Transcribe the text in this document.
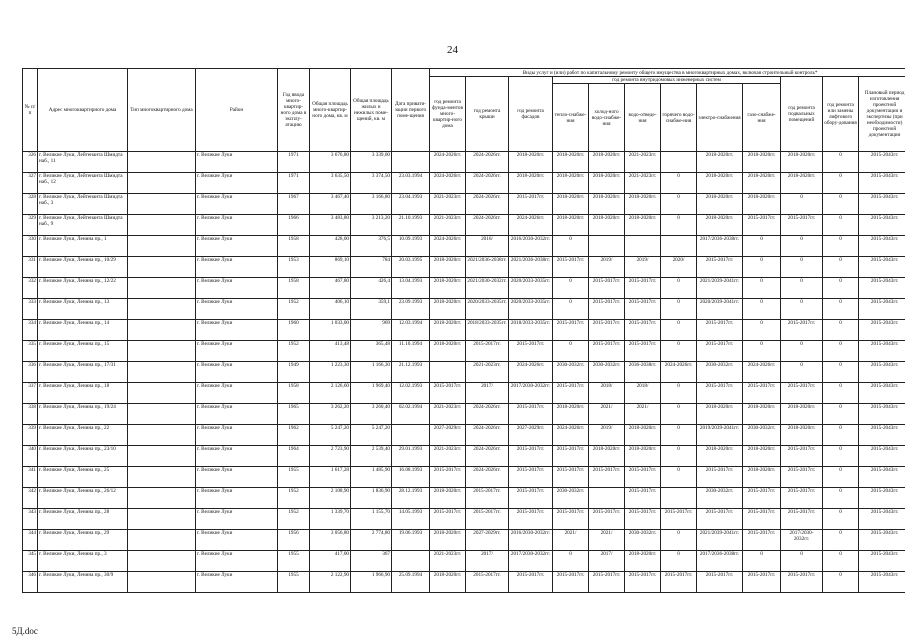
24
№ п/п	Адрес многоквартирного дома	Тип многоквартирного дома	Район	Год ввода много-квартир-ного дома в эксплу-атацию	Общая площадь много-квартир-ного дома, кв. м	Общая площадь жилых и нежилых поме-щений, кв. м	Дата привати-зации первого поме-щения	Виды услуг и (или) работ по капитальному ремонту общего имущества в многоквартирных домах, включая строительный контроль*											
								год ремонта фунда-ментов много-квартир-ного дома	год ремонта крыши	год ремонта фасадов	год ремонта внутридомовых инженерных систем						год ремонта подвальных помещений	год ремонта или замены лифтового обору-дования	Плановый период изготовления проектной документации и экспертизы (при необходимости) проектной документации
											тепло-снабже-ния	холод-ного водо-снабже-ния	водо-отведе-ния	горячего водо-снабже-ния	электро-снабжения	газо-снабже-ния			
326	г. Великие Луки, Лейтенанта Шмидта наб., 11		г. Великие Луки	1971	3 676,80	3 339,00		2024-2026гг.	2024-2026гг.	2018-2020гг.	2018-2020гг.	2018-2020гг.	2021-2023гг.		2018-2020гг.	2018-2020гг.	2018-2020гг.	0	2015-2043гг.
327	г. Великие Луки, Лейтенанта Шмидта наб., 12		г. Великие Луки	1971	3 635,50	3 374,50	23.03.1994	2024-2026гг.	2024-2026гг.	2018-2020гг.	2018-2020гг.	2018-2020гг.	2021-2023гг.	0	2018-2020гг.	2018-2020гг.	2018-2020гг.	0	2015-2043гг.
328	г. Великие Луки, Лейтенанта Шмидта наб., 3		г. Великие Луки	1967	3 467,40	3 166,80	23.04.1993	2021-2023гг.	2024-2026гг.	2015-2017гг.	2018-2020гг.	2018-2020гг.	2018-2020гг.	0	2018-2020гг.	2018-2020гг.	0	0	2015-2043гг.
329	г. Великие Луки, Лейтенанта Шмидта наб., 9		г. Великие Луки	1966	3 483,80	3 213,20	21.10.1993	2021-2023гг.	2024-2026гг.	2024-2026гг.	2018-2020гг.	2018-2020гг.	2018-2020гг.	0	2018-2020гг.	2015-2017гг.	2015-2017гг.	0	2015-2043гг.
330	г. Великие Луки, Ленина пр., 1		г. Великие Луки	1958	428,00	376,5	10.09.1993	2024-2026гг.	2016/	2016/2030-2032гг.	0				2017/2036-2038гг.	0	0	0	2015-2043гг.
331	г. Великие Луки, Ленина пр., 10/29		г. Великие Луки	1953	869,10	784	20.03.1995	2018-2020гг.	2021/2036-2038гг.	2021/2036-2038гг.	2015-2017гг.	2019/	2019/	2020/	2015-2017гг.	0	0	0	2015-2043гг.
332	г. Великие Луки, Ленина пр., 12/22		г. Великие Луки	1958	467,80	426,4	13.04.1993	2018-2020гг.	2021/2030-2032гг.	2020/2033-2035гг.	0	2015-2017гг.	2015-2017гг.	0	2021/2039-2041гг.	0	0	0	2015-2043гг.
333	г. Великие Луки, Ленина пр., 13		г. Великие Луки	1952	406,10	359,1	23.09.1993	2018-2020гг.	2020/2033-2035гг.	2020/2033-2035гг.	0	2015-2017гг.	2015-2017гг.	0	2020/2039-2041гг.	0	0	0	2015-2043гг.
334	г. Великие Луки, Ленина пр., 14		г. Великие Луки	1960	1 033,00	969	12.03.1994	2018-2020гг.	2018/2033-2035гг.	2018/2033-2035гг.	2015-2017гг.	2015-2017гг.	2015-2017гг.	0	2015-2017гг.	0	2015-2017гг.	0	2015-2043гг.
335	г. Великие Луки, Ленина пр., 15		г. Великие Луки	1952	413,48	365,48	11.10.1994	2018-2020гг.	2015-2017гг.	2015-2017гг.	0	2015-2017гг.	2015-2017гг.	0	2015-2017гг.	0	0	0	2015-2043гг.
336	г. Великие Луки, Ленина пр., 17/31		г. Великие Луки	1949	1 223,30	1 166,30	21.12.1993		2021-2023гг.	2024-2026гг.	2030-2032гг.	2030-2032гг.	2036-2038гг.	2024-2026гг.	2030-2032гг.	2024-2026гг.	0	0	2015-2043гг.
337	г. Великие Луки, Ленина пр., 18		г. Великие Луки	1958	2 126,60	1 969,40	12.02.1993	2015-2017гг.	2017/	2017/2030-2032гг.	2015-2017гг.	2018/	2018/	0	2015-2017гг.	2015-2017гг.	2015-2017гг.	0	2015-2043гг.
338	г. Великие Луки, Ленина пр., 19/24		г. Великие Луки	1965	3 262,20	3 260,40	02.02.1994	2021-2023гг.	2024-2026гг.	2015-2017гг.	2018-2020гг.	2021/	2021/	0	2018-2020гг.	2018-2020гг.	2018-2020гг.	0	2015-2043гг.
339	г. Великие Луки, Ленина пр., 22		г. Великие Луки	1962	5 247,20	5 247,20		2027-2029гг.	2024-2026гг.	2027-2029гг.	2024-2026гг.	2019/	2018-2020гг.	0	2019/2039-2041гг.	2030-2032гг.	2018-2020гг.	0	2015-2043гг.
340	г. Великие Луки, Ленина пр., 23/10		г. Великие Луки	1964	2 723,90	2 539,40	29.01.1993	2021-2023гг.	2024-2026гг.	2015-2017гг.	2015-2017гг.	2018-2020гг.	2018-2020гг.	0	2018-2020гг.	2018-2020гг.	2015-2017гг.	0	2015-2043гг.
341	г. Великие Луки, Ленина пр., 25		г. Великие Луки	1955	1 617,28	1 485,90	16.08.1993	2015-2017гг.	2024-2026гг.	2015-2017гг.	2015-2017гг.	2015-2017гг.	2015-2017гг.	0	2015-2017гг.	2018-2020гг.	2015-2017гг.	0	2015-2043гг.
342	г. Великие Луки, Ленина пр., 26/12		г. Великие Луки	1952	2 108,90	1 836,90	28.12.1993	2018-2020гг.	2015-2017гг.	2015-2017гг.	2030-2032гг.		2015-2017гг.		2030-2032гг.	2015-2017гг.	2015-2017гг.	0	2015-2043гг.
343	г. Великие Луки, Ленина пр., 28		г. Великие Луки	1952	1 339,70	1 155,70	14.05.1993	2015-2017гг.	2015-2017гг.	2015-2017гг.	2015-2017гг.	2015-2017гг.	2015-2017гг.	2015-2017гг.	2015-2017гг.	2015-2017гг.	2015-2017гг.	0	2015-2043гг.
344	г. Великие Луки, Ленина пр., 29		г. Великие Луки	1956	3 056,80	2 774,80	19.06.1993	2018-2020гг.	2027-2029гг.	2016/2030-2032гг.	2021/	2021/	2030-2032гг.	0	2021/2039-2041гг.	2015-2017гг.	2017/2030-2032гг.	0	2015-2043гг.
345	г. Великие Луки, Ленина пр., 3		г. Великие Луки	1955	417,00	367		2021-2023гг.	2017/	2017/2030-2032гг.	0	2017/	2018-2020гг.	0	2017/2036-2038гг.	0	0	0	2015-2043гг.
346	г. Великие Луки, Ленина пр., 30/9		г. Великие Луки	1955	2 122,90	1 966,90	25.09.1994	2018-2020гг.	2015-2017гг.	2015-2017гг.	2015-2017гг.	2015-2017гг.	2015-2017гг.	2015-2017гг.	2015-2017гг.	2015-2017гг.	2015-2017гг.	0	2015-2043гг.
5Д.doc
